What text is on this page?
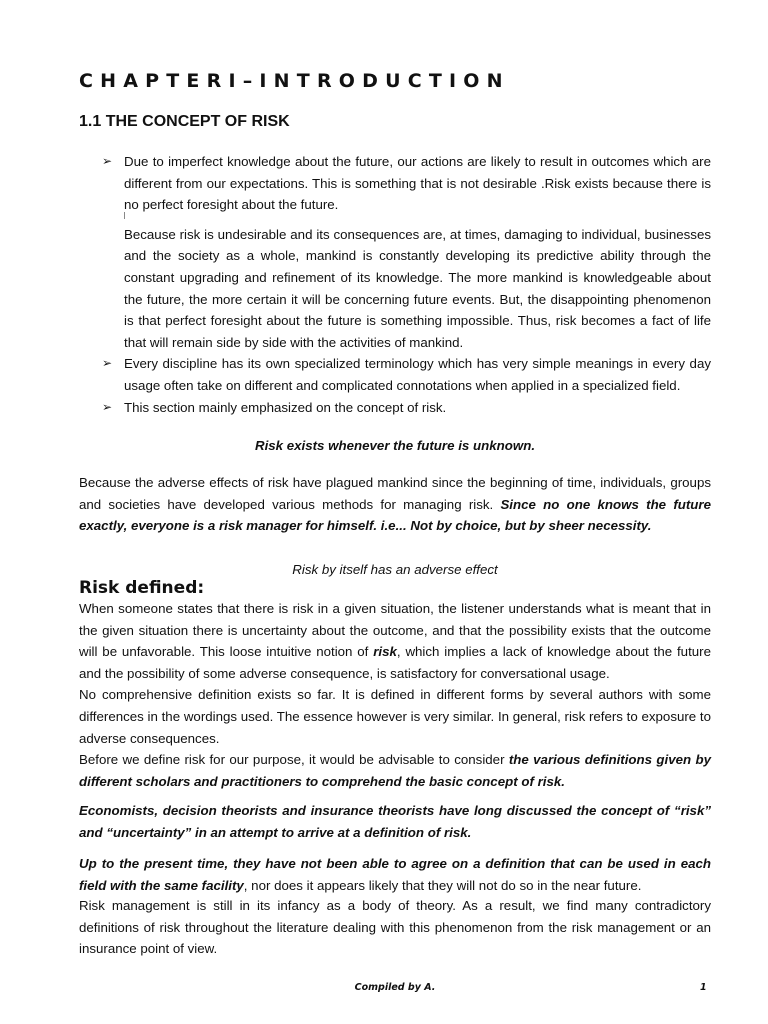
CHAPTERI–INTRODUCTION
1.1 THE CONCEPT OF RISK
➢ Due to imperfect knowledge about the future, our actions are likely to result in outcomes which are different from our expectations. This is something that is not desirable .Risk exists because there is no perfect foresight about the future.
Because risk is undesirable and its consequences are, at times, damaging to individual, businesses and the society as a whole, mankind is constantly developing its predictive ability through the constant upgrading and refinement of its knowledge. The more mankind is knowledgeable about the future, the more certain it will be concerning future events. But, the disappointing phenomenon is that perfect foresight about the future is something impossible. Thus, risk becomes a fact of life that will remain side by side with the activities of mankind.
➢ Every discipline has its own specialized terminology which has very simple meanings in every day usage often take on different and complicated connotations when applied in a specialized field.
➢ This section mainly emphasized on the concept of risk.

Risk exists whenever the future is unknown.

Because the adverse effects of risk have plagued mankind since the beginning of time, individuals, groups and societies have developed various methods for managing risk. Since no one knows the future exactly, everyone is a risk manager for himself. i.e... Not by choice, but by sheer necessity.

Risk by itself has an adverse effect

Risk defined:
When someone states that there is risk in a given situation, the listener understands what is meant that in the given situation there is uncertainty about the outcome, and that the possibility exists that the outcome will be unfavorable. This loose intuitive notion of risk, which implies a lack of knowledge about the future and the possibility of some adverse consequence, is satisfactory for conversational usage.
No comprehensive definition exists so far. It is defined in different forms by several authors with some differences in the wordings used. The essence however is very similar. In general, risk refers to exposure to adverse consequences.
Before we define risk for our purpose, it would be advisable to consider the various definitions given by different scholars and practitioners to comprehend the basic concept of risk.

Economists, decision theorists and insurance theorists have long discussed the concept of “risk” and “uncertainty” in an attempt to arrive at a definition of risk.

Up to the present time, they have not been able to agree on a definition that can be used in each field with the same facility, nor does it appears likely that they will not do so in the near future.

Risk management is still in its infancy as a body of theory. As a result, we find many contradictory definitions of risk throughout the literature dealing with this phenomenon from the risk management or an insurance point of view.

Compiled by A.	1
